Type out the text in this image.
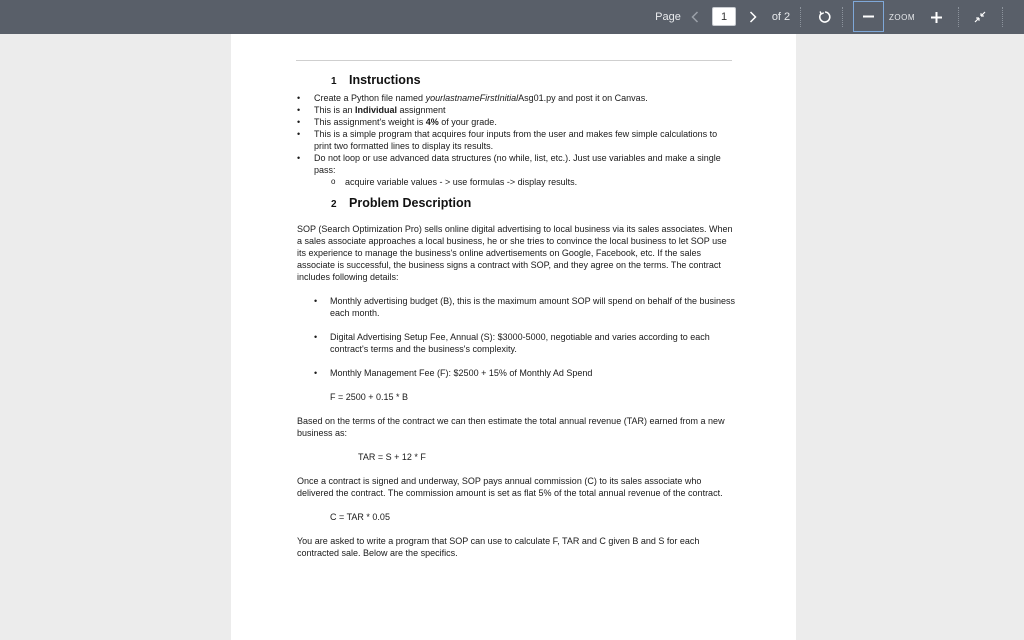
Page
1	of 2	ZOOM
1 Instructions
• Create a Python file named yourlastnameFirstInitialAsg01.py and post it on Canvas.
• This is an Individual assignment
• This assignment's weight is 4% of your grade.
• This is a simple program that acquires four inputs from the user and makes few simple calculations to print two formatted lines to display its results.
• Do not loop or use advanced data structures (no while, list, etc.). Just use variables and make a single pass:
o acquire variable values - > use formulas -> display results.
2 Problem Description

SOP (Search Optimization Pro) sells online digital advertising to local business via its sales associates. When a sales associate approaches a local business, he or she tries to convince the local business to let SOP use its experience to manage the business's online advertisements on Google, Facebook, etc. If the sales associate is successful, the business signs a contract with SOP, and they agree on the terms. The contract includes following details:

• Monthly advertising budget (B), this is the maximum amount SOP will spend on behalf of the business each month.
• Digital Advertising Setup Fee, Annual (S): $3000-5000, negotiable and varies according to each contract's terms and the business's complexity.
• Monthly Management Fee (F): $2500 + 15% of Monthly Ad Spend
F = 2500 + 0.15 * B

Based on the terms of the contract we can then estimate the total annual revenue (TAR) earned from a new business as:

TAR = S + 12 * F

Once a contract is signed and underway, SOP pays annual commission (C) to its sales associate who delivered the contract. The commission amount is set as flat 5% of the total annual revenue of the contract.

C = TAR * 0.05

You are asked to write a program that SOP can use to calculate F, TAR and C given B and S for each contracted sale. Below are the specifics.
